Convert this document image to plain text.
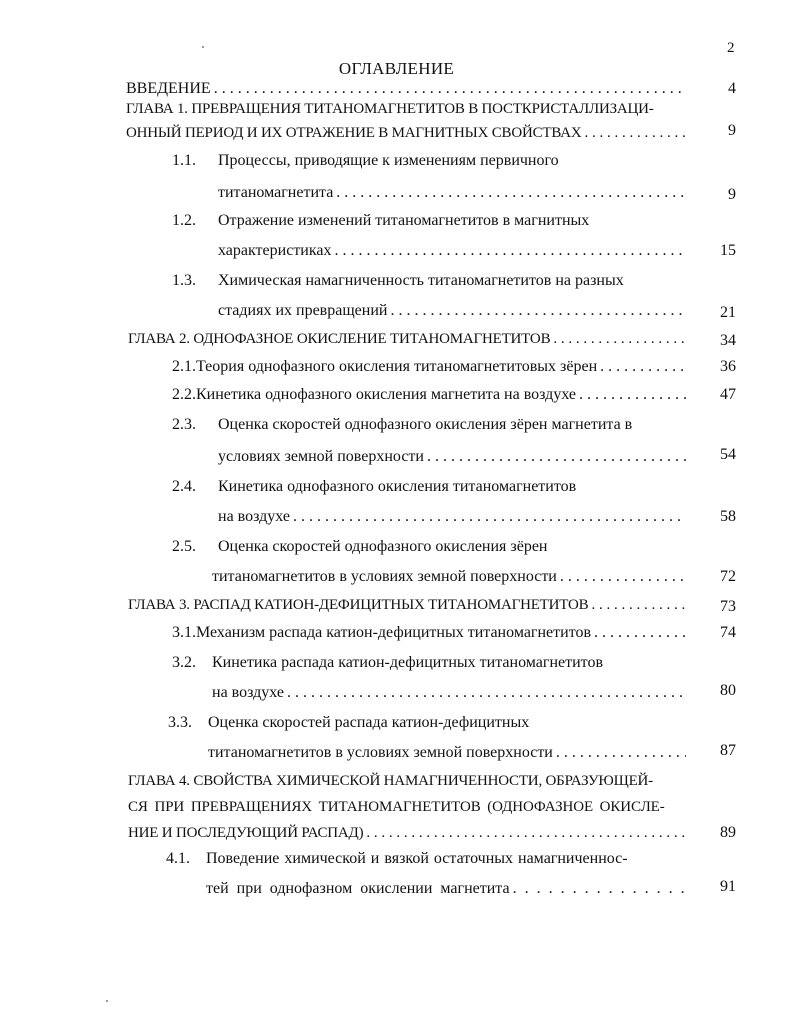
2
ОГЛАВЛЕНИЕ
ВВЕДЕНИЕ . . .	4
ГЛАВА 1. ПРЕВРАЩЕНИЯ ТИТАНОМАГНЕТИТОВ В ПОСТКРИСТАЛЛИЗАЦИ-
ОННЫЙ ПЕРИОД И ИХ ОТРАЖЕНИЕ В МАГНИТНЫХ СВОЙСТВАХ . . .	9
1.1. Процессы, приводящие к изменениям первичного
титаномагнетита . . .	9
1.2. Отражение изменений титаномагнетитов в магнитных
характеристиках . . .	15
1.3. Химическая намагниченность титаномагнетитов на разных
стадиях их превращений . . .	21
ГЛАВА 2. ОДНОФАЗНОЕ ОКИСЛЕНИЕ ТИТАНОМАГНЕТИТОВ . . .	34
2.1. Теория однофазного окисления титаномагнетитовых зёрен . . .	36
2.2. Кинетика однофазного окисления магнетита на воздухе . . .	47
2.3. Оценка скоростей однофазного окисления зёрен магнетита в
условиях земной поверхности . . .	54
2.4. Кинетика однофазного окисления титаномагнетитов
на воздухе . . .	58
2.5. Оценка скоростей однофазного окисления зёрен
титаномагнетитов в условиях земной поверхности . . .	72
ГЛАВА 3. РАСПАД КАТИОН-ДЕФИЦИТНЫХ ТИТАНОМАГНЕТИТОВ . . .	73
3.1. Механизм распада катион-дефицитных титаномагнетитов . . .	74
3.2. Кинетика распада катион-дефицитных титаномагнетитов
на воздухе . . .	80
3.3. Оценка скоростей распада катион-дефицитных
титаномагнетитов в условиях земной поверхности . . .	87
ГЛАВА 4. СВОЙСТВА ХИМИЧЕСКОЙ НАМАГНИЧЕННОСТИ, ОБРАЗУЮЩЕЙ-
СЯ ПРИ ПРЕВРАЩЕНИЯХ ТИТАНОМАГНЕТИТОВ (ОДНОФАЗНОЕ ОКИСЛЕ-
НИЕ И ПОСЛЕДУЮЩИЙ РАСПАД) . . .	89
4.1. Поведение химической и вязкой остаточных намагниченнос-
тей при однофазном окислении магнетита . . .	91
